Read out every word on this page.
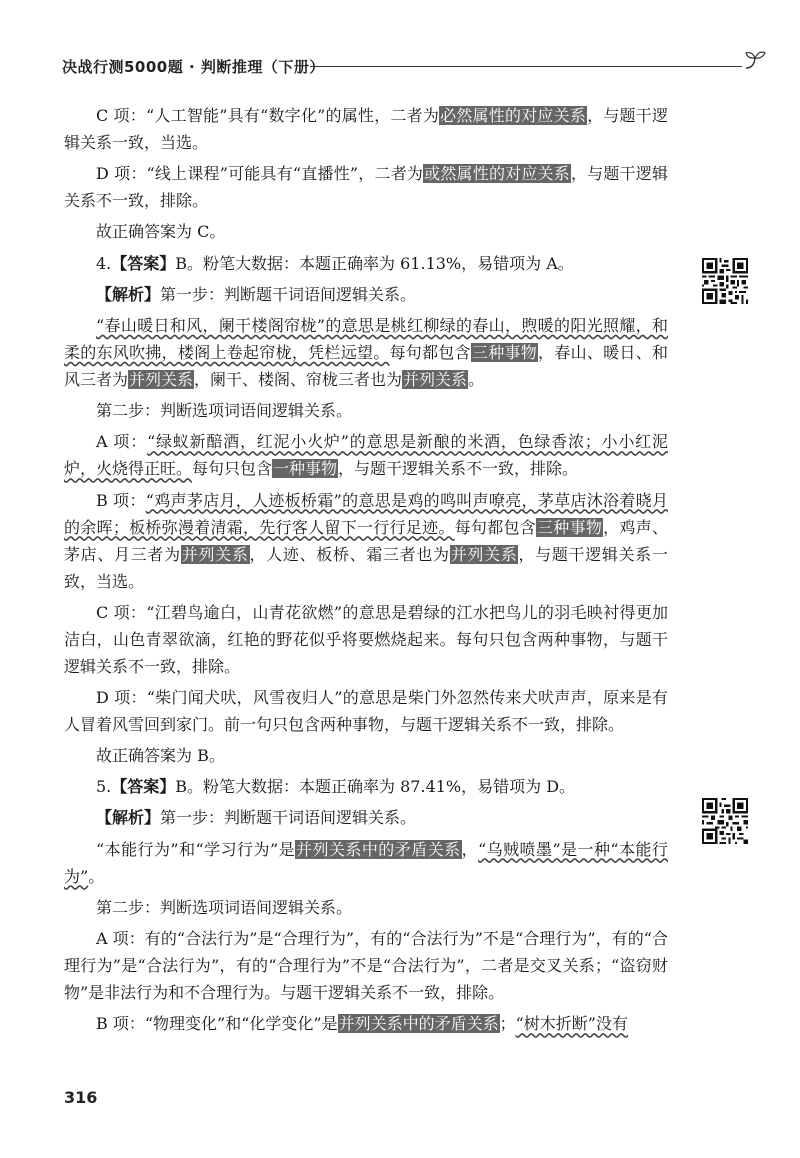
决战行测5000题 · 判断推理（下册）

C 项：“人工智能”具有“数字化”的属性，二者为必然属性的对应关系，与题干逻辑关系一致，当选。

D 项：“线上课程”可能具有“直播性”，二者为或然属性的对应关系，与题干逻辑关系不一致，排除。

故正确答案为 C。

4.【答案】B。粉笔大数据：本题正确率为 61.13%，易错项为 A。

【解析】第一步：判断题干词语间逻辑关系。

“春山暖日和风，阑干楼阁帘栊”的意思是桃红柳绿的春山，煦暖的阳光照耀，和柔的东风吹拂，楼阁上卷起帘栊，凭栏远望。每句都包含三种事物，春山、暖日、和风三者为并列关系，阑干、楼阁、帘栊三者也为并列关系。

第二步：判断选项词语间逻辑关系。

A 项：“绿蚁新醅酒，红泥小火炉”的意思是新酿的米酒，色绿香浓；小小红泥炉，火烧得正旺。每句只包含一种事物，与题干逻辑关系不一致，排除。

B 项：“鸡声茅店月，人迹板桥霜”的意思是鸡的鸣叫声嘹亮，茅草店沐浴着晓月的余晖；板桥弥漫着清霜，先行客人留下一行行足迹。每句都包含三种事物，鸡声、茅店、月三者为并列关系，人迹、板桥、霜三者也为并列关系，与题干逻辑关系一致，当选。

C 项：“江碧鸟逾白，山青花欲燃”的意思是碧绿的江水把鸟儿的羽毛映衬得更加洁白，山色青翠欲滴，红艳的野花似乎将要燃烧起来。每句只包含两种事物，与题干逻辑关系不一致，排除。

D 项：“柴门闻犬吠，风雪夜归人”的意思是柴门外忽然传来犬吠声声，原来是有人冒着风雪回到家门。前一句只包含两种事物，与题干逻辑关系不一致，排除。

故正确答案为 B。

5.【答案】B。粉笔大数据：本题正确率为 87.41%，易错项为 D。

【解析】第一步：判断题干词语间逻辑关系。

“本能行为”和“学习行为”是并列关系中的矛盾关系，“乌贼喷墨”是一种“本能行为”。

第二步：判断选项词语间逻辑关系。

A 项：有的“合法行为”是“合理行为”，有的“合法行为”不是“合理行为”，有的“合理行为”是“合法行为”，有的“合理行为”不是“合法行为”，二者是交叉关系；“盗窃财物”是非法行为和不合理行为。与题干逻辑关系不一致，排除。

B 项：“物理变化”和“化学变化”是并列关系中的矛盾关系；“树木折断”没有

316
